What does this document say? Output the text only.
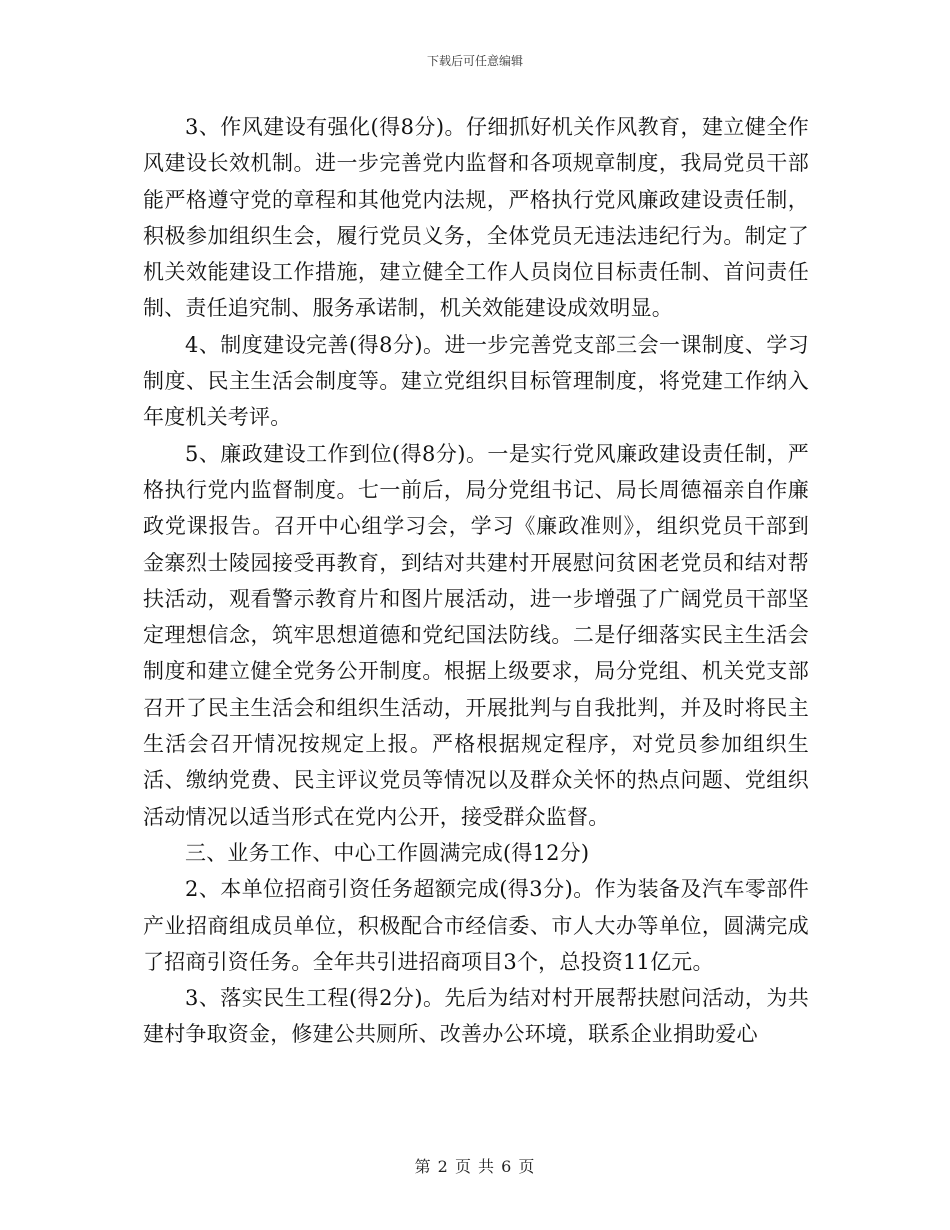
下载后可任意编辑

3、作风建设有强化(得8分)。仔细抓好机关作风教育，建立健全作风建设长效机制。进一步完善党内监督和各项规章制度，我局党员干部能严格遵守党的章程和其他党内法规，严格执行党风廉政建设责任制，积极参加组织生会，履行党员义务，全体党员无违法违纪行为。制定了机关效能建设工作措施，建立健全工作人员岗位目标责任制、首问责任制、责任追究制、服务承诺制，机关效能建设成效明显。

4、制度建设完善(得8分)。进一步完善党支部三会一课制度、学习制度、民主生活会制度等。建立党组织目标管理制度，将党建工作纳入年度机关考评。

5、廉政建设工作到位(得8分)。一是实行党风廉政建设责任制，严格执行党内监督制度。七一前后，局分党组书记、局长周德福亲自作廉政党课报告。召开中心组学习会，学习《廉政准则》，组织党员干部到金寨烈士陵园接受再教育，到结对共建村开展慰问贫困老党员和结对帮扶活动，观看警示教育片和图片展活动，进一步增强了广阔党员干部坚定理想信念，筑牢思想道德和党纪国法防线。二是仔细落实民主生活会制度和建立健全党务公开制度。根据上级要求，局分党组、机关党支部召开了民主生活会和组织生活动，开展批判与自我批判，并及时将民主生活会召开情况按规定上报。严格根据规定程序，对党员参加组织生活、缴纳党费、民主评议党员等情况以及群众关怀的热点问题、党组织活动情况以适当形式在党内公开，接受群众监督。

三、业务工作、中心工作圆满完成(得12分)

2、本单位招商引资任务超额完成(得3分)。作为装备及汽车零部件产业招商组成员单位，积极配合市经信委、市人大办等单位，圆满完成了招商引资任务。全年共引进招商项目3个，总投资11亿元。

3、落实民生工程(得2分)。先后为结对村开展帮扶慰问活动，为共建村争取资金，修建公共厕所、改善办公环境，联系企业捐助爱心

第 2 页 共 6 页
